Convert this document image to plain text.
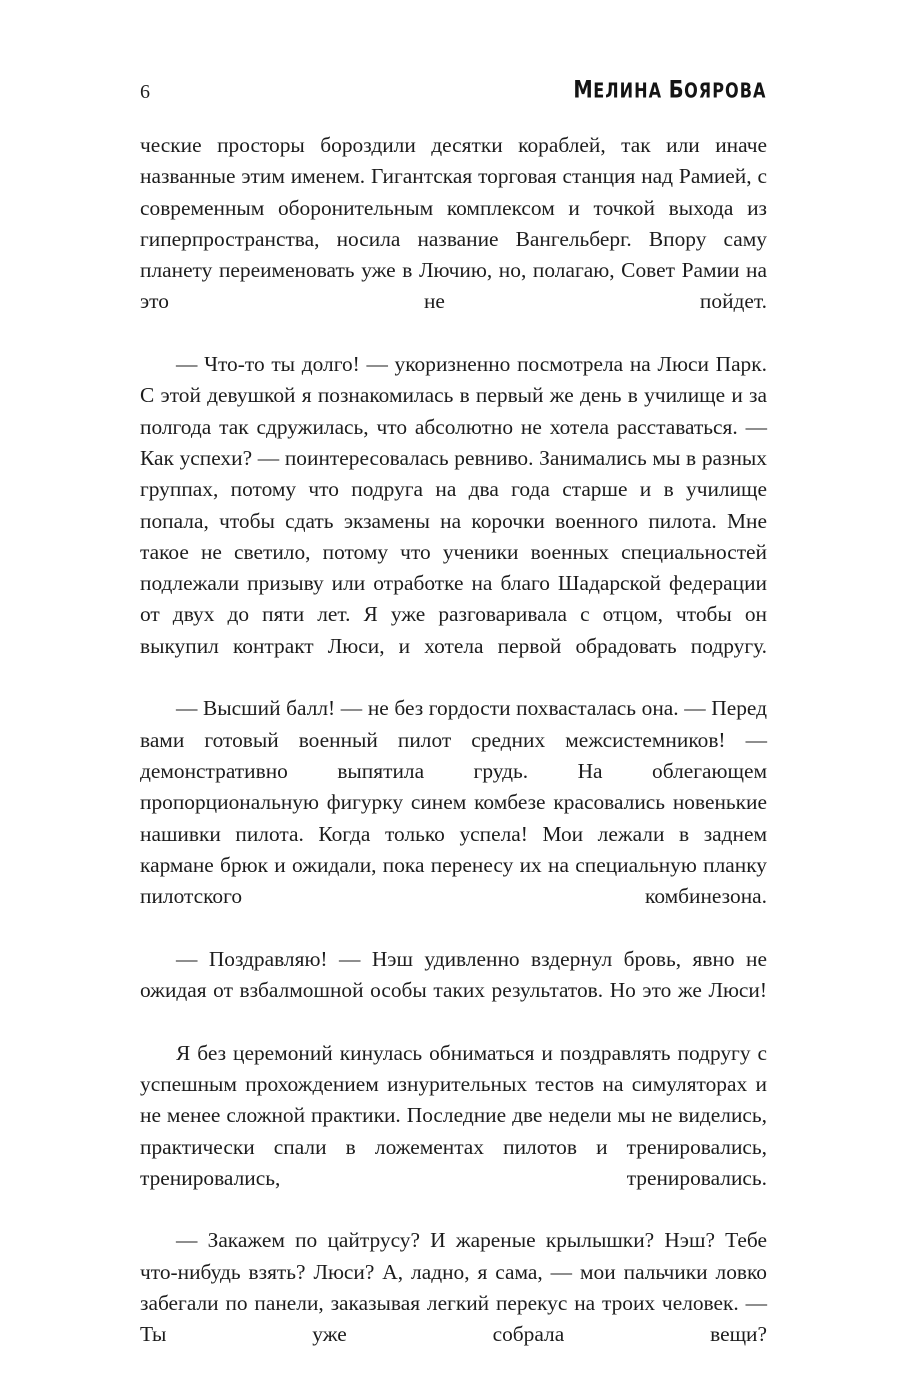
6	МЕЛИНА БОЯРОВА

ческие просторы бороздили десятки кораблей, так или иначе названные этим именем. Гигантская торговая станция над Рамией, с современным оборонительным комплексом и точкой выхода из гиперпространства, носила название Вангельберг. Впору саму планету переименовать уже в Лючию, но, полагаю, Совет Рамии на это не пойдет.

— Что-то ты долго! — укоризненно посмотрела на Люси Парк. С этой девушкой я познакомилась в первый же день в училище и за полгода так сдружилась, что абсолютно не хотела расставаться. — Как успехи? — поинтересовалась ревниво. Занимались мы в разных группах, потому что подруга на два года старше и в училище попала, чтобы сдать экзамены на корочки военного пилота. Мне такое не светило, потому что ученики военных специальностей подлежали призыву или отработке на благо Шадарской федерации от двух до пяти лет. Я уже разговаривала с отцом, чтобы он выкупил контракт Люси, и хотела первой обрадовать подругу.

— Высший балл! — не без гордости похвасталась она. — Перед вами готовый военный пилот средних межсистемников! — демонстративно выпятила грудь. На облегающем пропорциональную фигурку синем комбезе красовались новенькие нашивки пилота. Когда только успела! Мои лежали в заднем кармане брюк и ожидали, пока перенесу их на специальную планку пилотского комбинезона.

— Поздравляю! — Нэш удивленно вздернул бровь, явно не ожидая от взбалмошной особы таких результатов. Но это же Люси!

Я без церемоний кинулась обниматься и поздравлять подругу с успешным прохождением изнурительных тестов на симуляторах и не менее сложной практики. Последние две недели мы не виделись, практически спали в ложементах пилотов и тренировались, тренировались, тренировались.

— Закажем по цайтрусу? И жареные крылышки? Нэш? Тебе что-нибудь взять? Люси? А, ладно, я сама, — мои пальчики ловко забегали по панели, заказывая легкий перекус на троих человек. — Ты уже собрала вещи?
